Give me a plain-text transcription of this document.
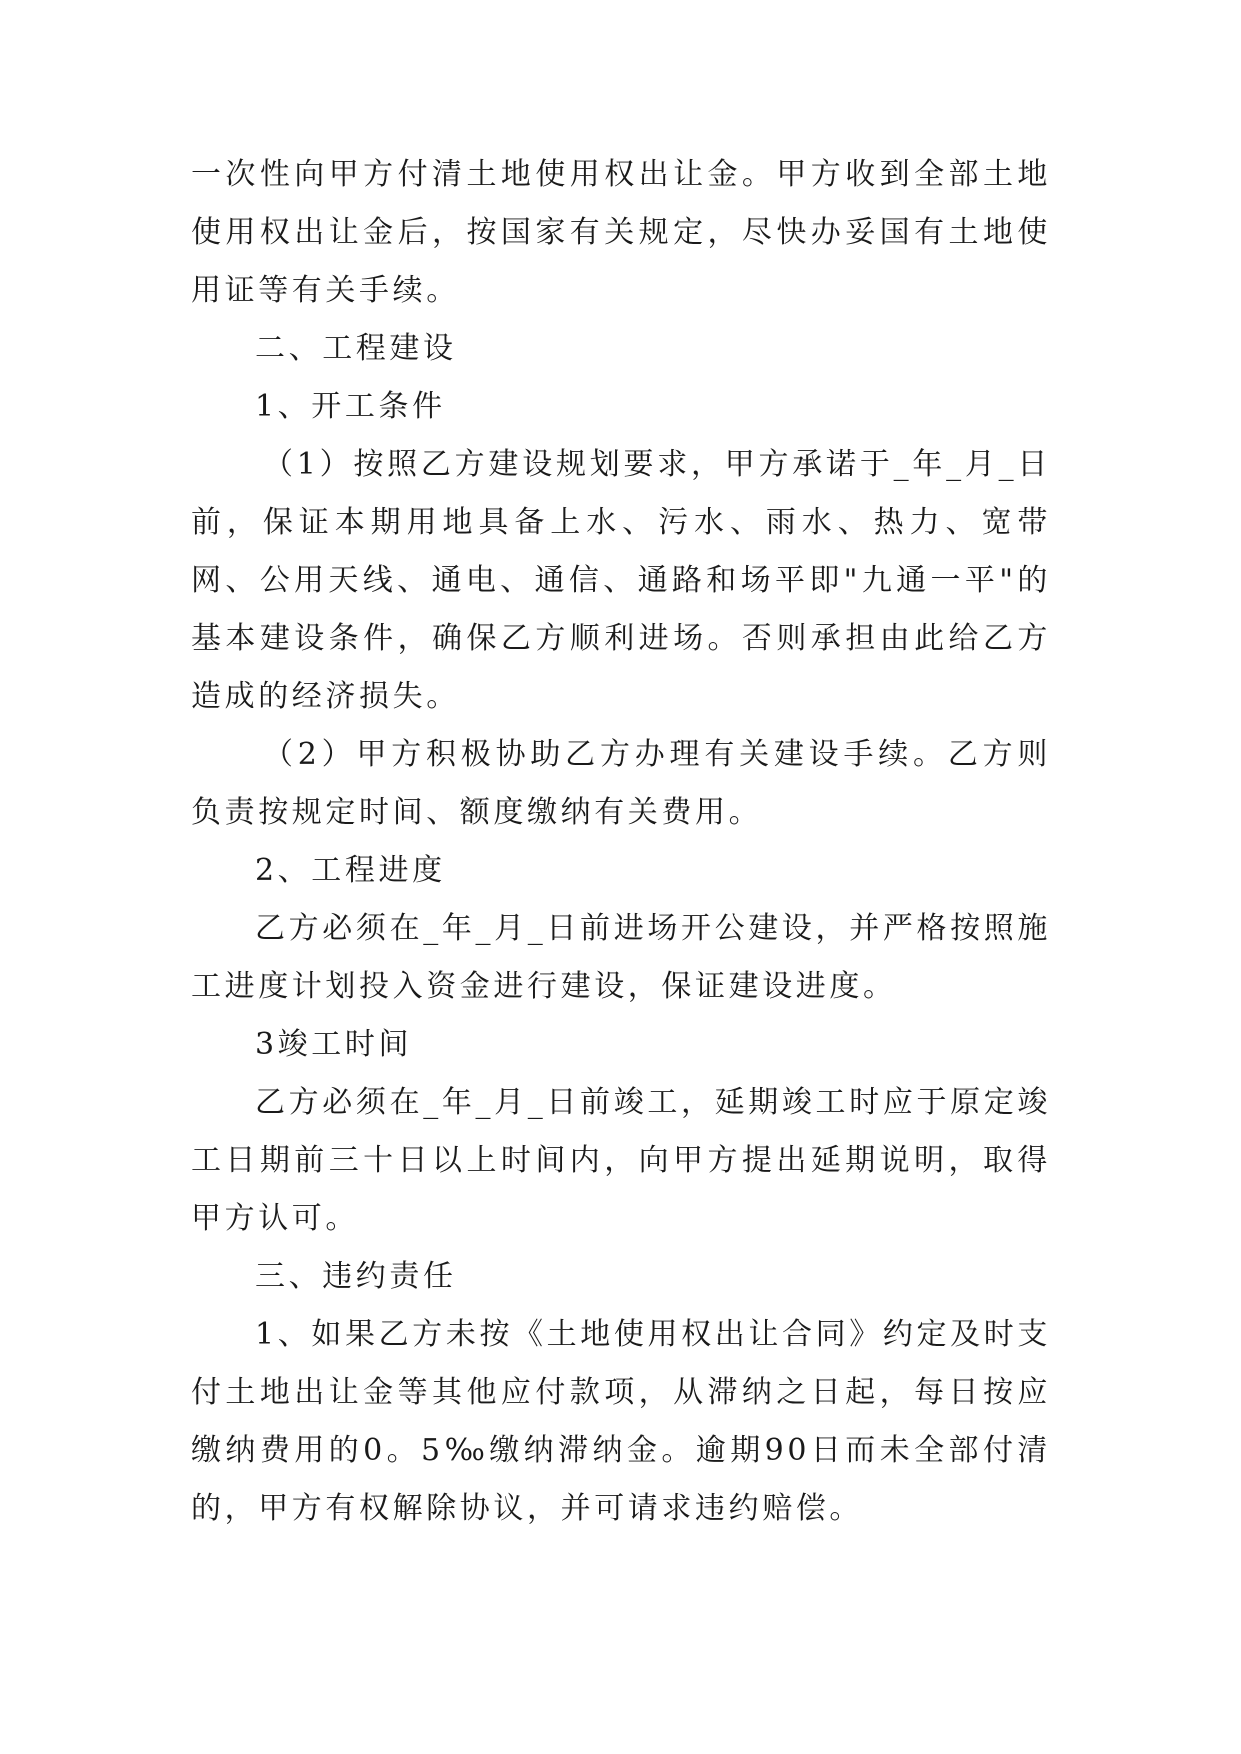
一次性向甲方付清土地使用权出让金。甲方收到全部土地使用权出让金后，按国家有关规定，尽快办妥国有土地使用证等有关手续。

二、工程建设

1、开工条件

（1）按照乙方建设规划要求，甲方承诺于_年_月_日前，保证本期用地具备上水、污水、雨水、热力、宽带网、公用天线、通电、通信、通路和场平即"九通一平"的基本建设条件，确保乙方顺利进场。否则承担由此给乙方造成的经济损失。

（2）甲方积极协助乙方办理有关建设手续。乙方则负责按规定时间、额度缴纳有关费用。

2、工程进度

乙方必须在_年_月_日前进场开公建设，并严格按照施工进度计划投入资金进行建设，保证建设进度。

3竣工时间

乙方必须在_年_月_日前竣工，延期竣工时应于原定竣工日期前三十日以上时间内，向甲方提出延期说明，取得甲方认可。

三、违约责任

1、如果乙方未按《土地使用权出让合同》约定及时支付土地出让金等其他应付款项，从滞纳之日起，每日按应缴纳费用的0。5‰缴纳滞纳金。逾期90日而未全部付清的，甲方有权解除协议，并可请求违约赔偿。
